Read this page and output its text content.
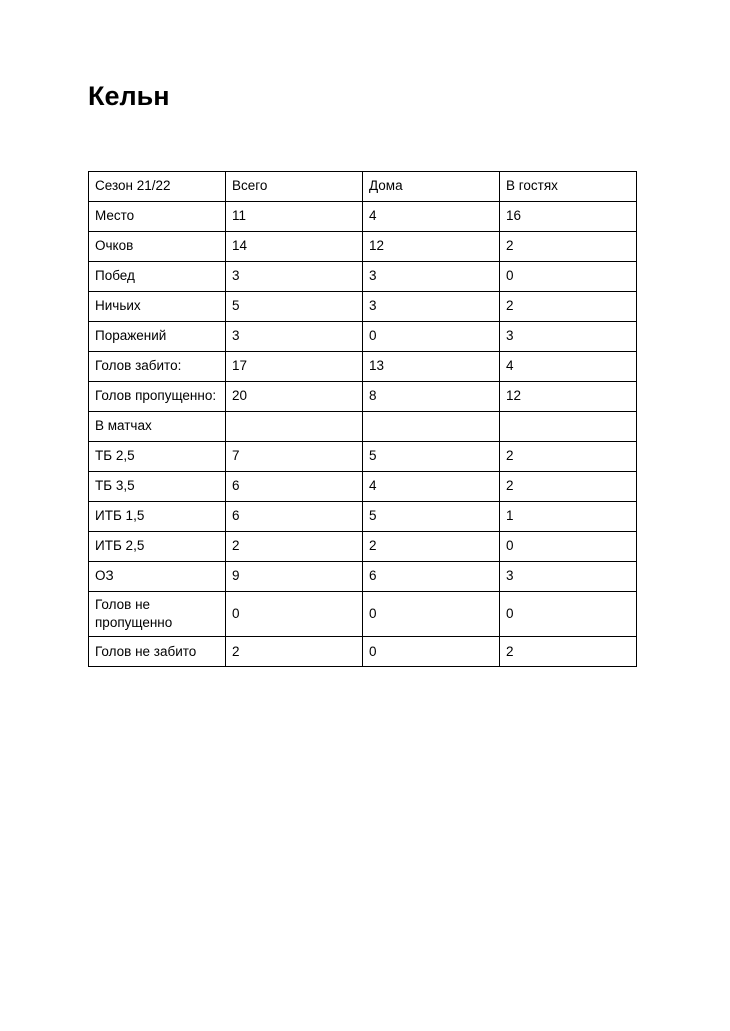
Кельн
Сезон 21/22	Всего	Дома	В гостях
Место	11	4	16
Очков	14	12	2
Побед	3	3	0
Ничьих	5	3	2
Поражений	3	0	3
Голов забито:	17	13	4
Голов пропущенно:	20	8	12
В матчах			
ТБ 2,5	7	5	2
ТБ 3,5	6	4	2
ИТБ 1,5	6	5	1
ИТБ 2,5	2	2	0
ОЗ	9	6	3
Голов не пропущенно	0	0	0
Голов не забито	2	0	2
